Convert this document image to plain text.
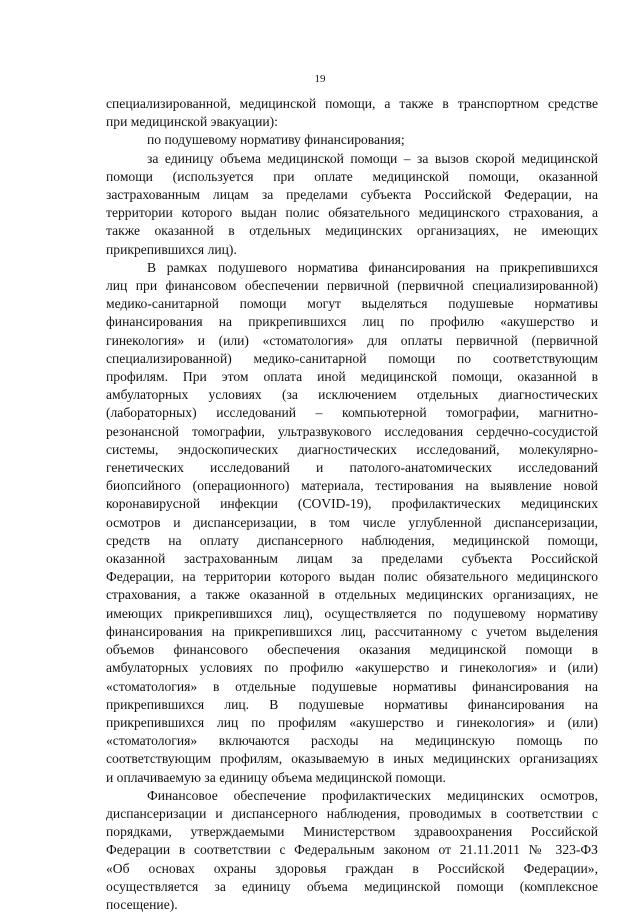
19
специализированной, медицинской помощи, а также в транспортном средстве
при медицинской эвакуации):
по подушевому нормативу финансирования;
за единицу объема медицинской помощи – за вызов скорой медицинской
помощи (используется при оплате медицинской помощи, оказанной
застрахованным лицам за пределами субъекта Российской Федерации, на
территории которого выдан полис обязательного медицинского страхования, а
также оказанной в отдельных медицинских организациях, не имеющих
прикрепившихся лиц).
В рамках подушевого норматива финансирования на прикрепившихся
лиц при финансовом обеспечении первичной (первичной специализированной)
медико-санитарной помощи могут выделяться подушевые нормативы
финансирования на прикрепившихся лиц по профилю «акушерство и
гинекология» и (или) «стоматология» для оплаты первичной (первичной
специализированной) медико-санитарной помощи по соответствующим
профилям. При этом оплата иной медицинской помощи, оказанной в
амбулаторных условиях (за исключением отдельных диагностических
(лабораторных) исследований – компьютерной томографии, магнитно-
резонансной томографии, ультразвукового исследования сердечно-сосудистой
системы, эндоскопических диагностических исследований, молекулярно-
генетических исследований и патолого-анатомических исследований
биопсийного (операционного) материала, тестирования на выявление новой
коронавирусной инфекции (COVID-19), профилактических медицинских
осмотров и диспансеризации, в том числе углубленной диспансеризации,
средств на оплату диспансерного наблюдения, медицинской помощи,
оказанной застрахованным лицам за пределами субъекта Российской
Федерации, на территории которого выдан полис обязательного медицинского
страхования, а также оказанной в отдельных медицинских организациях, не
имеющих прикрепившихся лиц), осуществляется по подушевому нормативу
финансирования на прикрепившихся лиц, рассчитанному с учетом выделения
объемов финансового обеспечения оказания медицинской помощи в
амбулаторных условиях по профилю «акушерство и гинекология» и (или)
«стоматология» в отдельные подушевые нормативы финансирования на
прикрепившихся лиц. В подушевые нормативы финансирования на
прикрепившихся лиц по профилям «акушерство и гинекология» и (или)
«стоматология» включаются расходы на медицинскую помощь по
соответствующим профилям, оказываемую в иных медицинских организациях
и оплачиваемую за единицу объема медицинской помощи.
Финансовое обеспечение профилактических медицинских осмотров,
диспансеризации и диспансерного наблюдения, проводимых в соответствии с
порядками, утверждаемыми Министерством здравоохранения Российской
Федерации в соответствии с Федеральным законом от 21.11.2011 № 323-ФЗ
«Об основах охраны здоровья граждан в Российской Федерации»,
осуществляется за единицу объема медицинской помощи (комплексное
посещение).
